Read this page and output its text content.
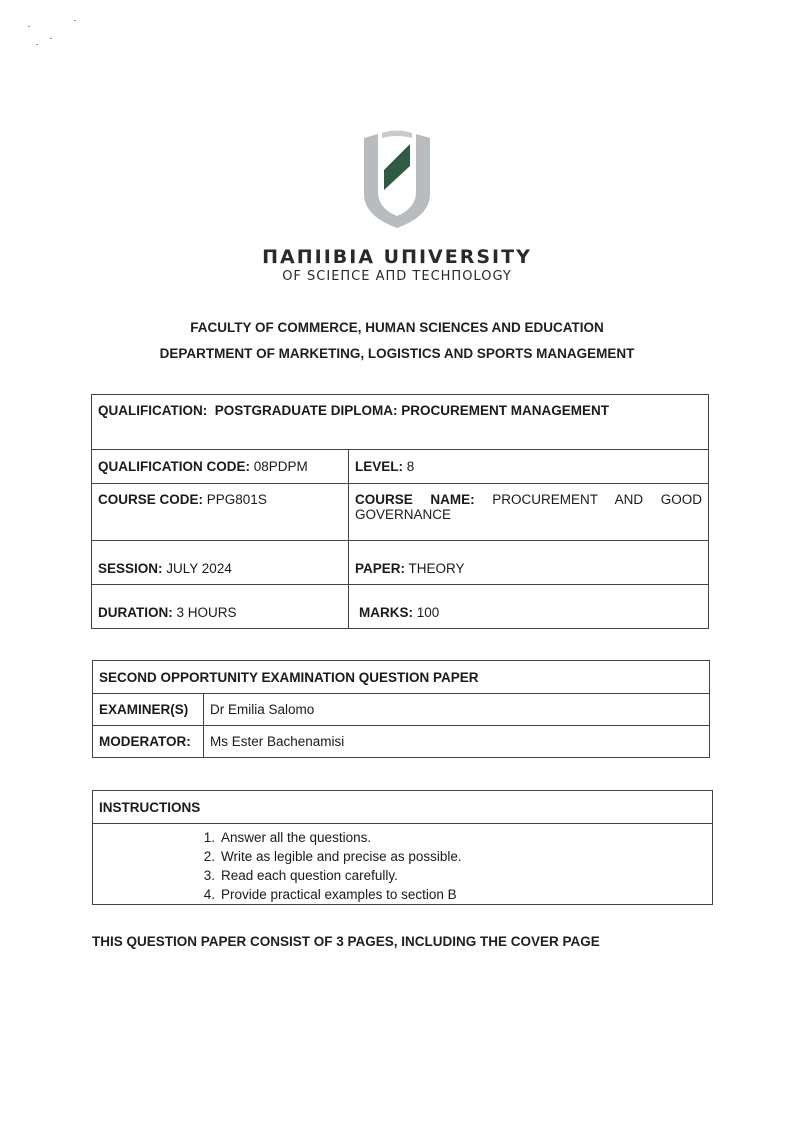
ΠΑΠΙΙΒΙΑ UΠΙVERSITY
OF SCIEΠCE AΠD TECHΠOLOGY
FACULTY OF COMMERCE, HUMAN SCIENCES AND EDUCATION
DEPARTMENT OF MARKETING, LOGISTICS AND SPORTS MANAGEMENT
QUALIFICATION: POSTGRADUATE DIPLOMA: PROCUREMENT MANAGEMENT	
QUALIFICATION CODE: 08PDPM	LEVEL: 8
COURSE CODE: PPG801S	COURSE NAME: PROCUREMENT AND GOOD
GOVERNANCE

SESSION: JULY 2024	PAPER: THEORY
DURATION: 3 HOURS	MARKS: 100
SECOND OPPORTUNITY EXAMINATION QUESTION PAPER	
EXAMINER(S)	Dr Emilia Salomo
MODERATOR:	Ms Ester Bachenamisi
INSTRUCTIONS

1. Answer all the questions.
2. Write as legible and precise as possible.
3. Read each question carefully.
4. Provide practical examples to section B
THIS QUESTION PAPER CONSIST OF 3 PAGES, INCLUDING THE COVER PAGE
